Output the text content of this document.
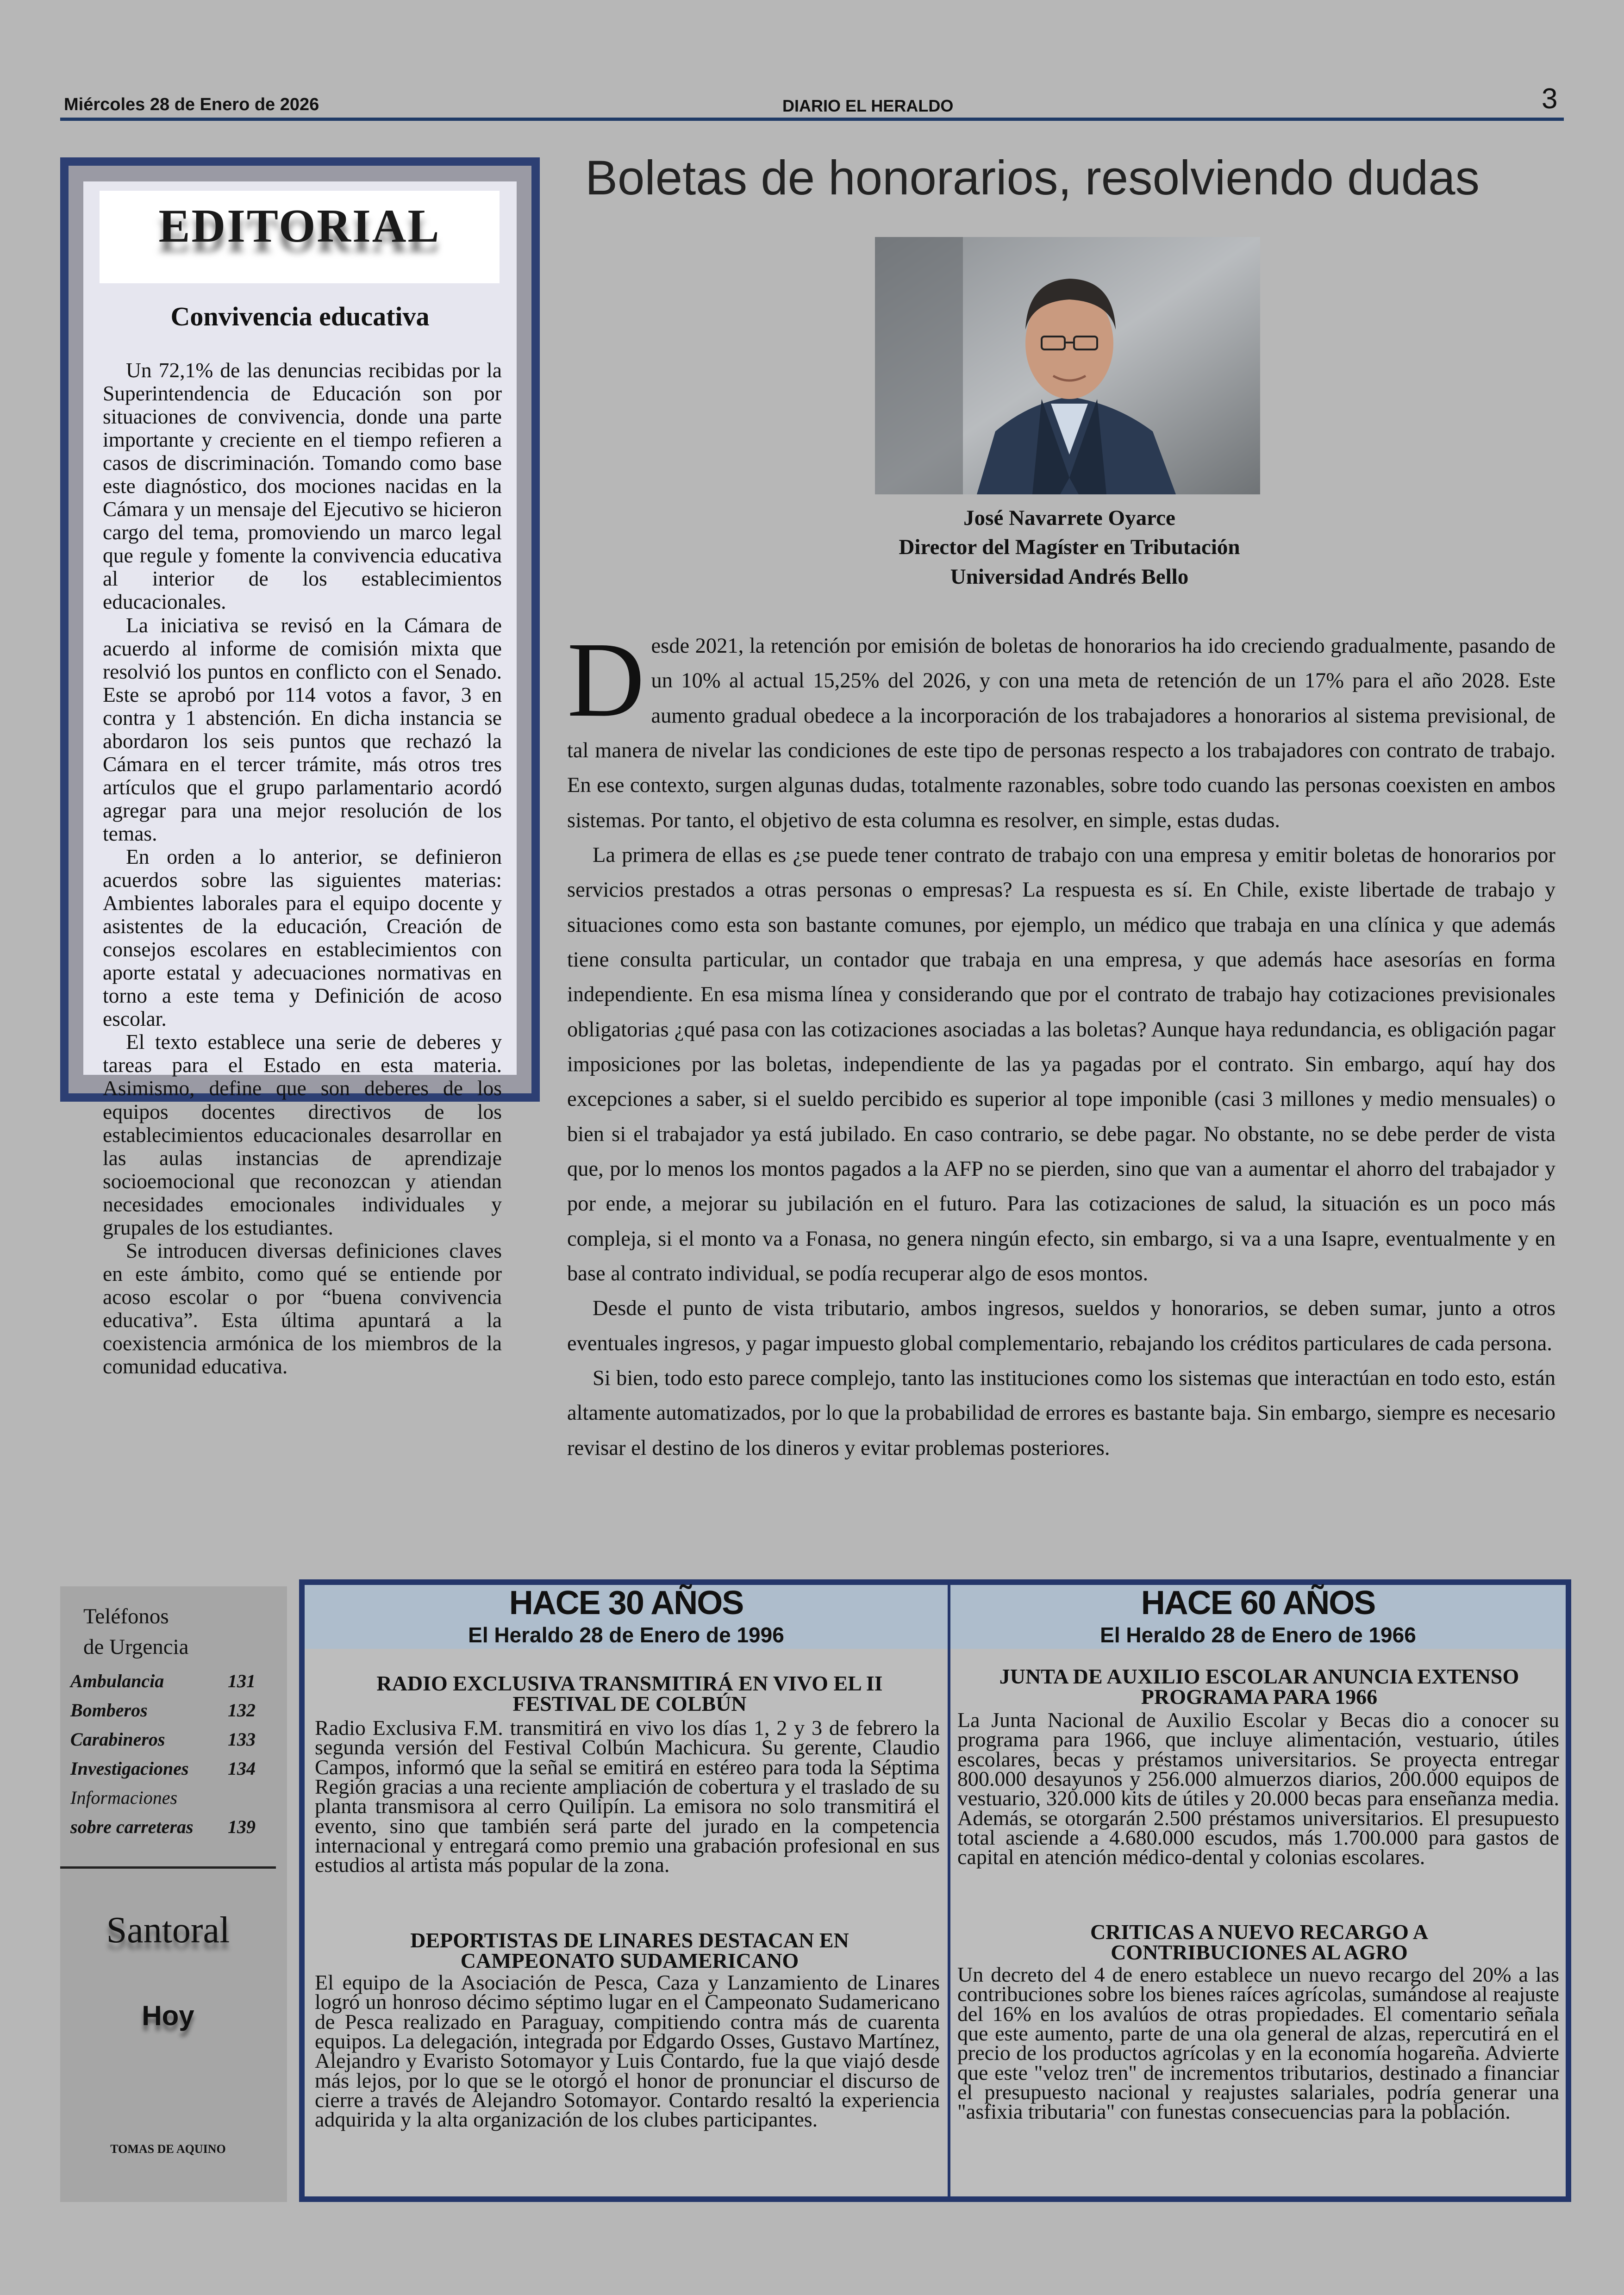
Miércoles 28 de Enero de 2026	DIARIO EL HERALDO	3
EDITORIAL
Convivencia educativa

Un 72,1% de las denuncias recibidas por la Superintendencia de Educación son por situaciones de convivencia, donde una parte importante y creciente en el tiempo refieren a casos de discriminación. Tomando como base este diagnóstico, dos mociones nacidas en la Cámara y un mensaje del Ejecutivo se hicieron cargo del tema, promoviendo un marco legal que regule y fomente la convivencia educativa al interior de los establecimientos educacionales.

La iniciativa se revisó en la Cámara de acuerdo al informe de comisión mixta que resolvió los puntos en conflicto con el Senado. Este se aprobó por 114 votos a favor, 3 en contra y 1 abstención. En dicha instancia se abordaron los seis puntos que rechazó la Cámara en el tercer trámite, más otros tres artículos que el grupo parlamentario acordó agregar para una mejor resolución de los temas.

En orden a lo anterior, se definieron acuerdos sobre las siguientes materias: Ambientes laborales para el equipo docente y asistentes de la educación, Creación de consejos escolares en establecimientos con aporte estatal y adecuaciones normativas en torno a este tema y Definición de acoso escolar.

El texto establece una serie de deberes y tareas para el Estado en esta materia. Asimismo, define que son deberes de los equipos docentes directivos de los establecimientos educacionales desarrollar en las aulas instancias de aprendizaje socioemocional que reconozcan y atiendan necesidades emocionales individuales y grupales de los estudiantes.

Se introducen diversas definiciones claves en este ámbito, como qué se entiende por acoso escolar o por “buena convivencia educativa”. Esta última apuntará a la coexistencia armónica de los miembros de la comunidad educativa.

Boletas de honorarios, resolviendo dudas
José Navarrete Oyarce
Director del Magíster en Tributación
Universidad Andrés Bello

Desde 2021, la retención por emisión de boletas de honorarios ha ido creciendo gradualmente, pasando de un 10% al actual 15,25% del 2026, y con una meta de retención de un 17% para el año 2028. Este aumento gradual obedece a la incorporación de los trabajadores a honorarios al sistema previsional, de tal manera de nivelar las condiciones de este tipo de personas respecto a los trabajadores con contrato de trabajo. En ese contexto, surgen algunas dudas, totalmente razonables, sobre todo cuando las personas coexisten en ambos sistemas. Por tanto, el objetivo de esta columna es resolver, en simple, estas dudas.

La primera de ellas es ¿se puede tener contrato de trabajo con una empresa y emitir boletas de honorarios por servicios prestados a otras personas o empresas? La respuesta es sí. En Chile, existe libertade de trabajo y situaciones como esta son bastante comunes, por ejemplo, un médico que trabaja en una clínica y que además tiene consulta particular, un contador que trabaja en una empresa, y que además hace asesorías en forma independiente. En esa misma línea y considerando que por el contrato de trabajo hay cotizaciones previsionales obligatorias ¿qué pasa con las cotizaciones asociadas a las boletas? Aunque haya redundancia, es obligación pagar imposiciones por las boletas, independiente de las ya pagadas por el contrato. Sin embargo, aquí hay dos excepciones a saber, si el sueldo percibido es superior al tope imponible (casi 3 millones y medio mensuales) o bien si el trabajador ya está jubilado. En caso contrario, se debe pagar. No obstante, no se debe perder de vista que, por lo menos los montos pagados a la AFP no se pierden, sino que van a aumentar el ahorro del trabajador y por ende, a mejorar su jubilación en el futuro. Para las cotizaciones de salud, la situación es un poco más compleja, si el monto va a Fonasa, no genera ningún efecto, sin embargo, si va a una Isapre, eventualmente y en base al contrato individual, se podía recuperar algo de esos montos.

Desde el punto de vista tributario, ambos ingresos, sueldos y honorarios, se deben sumar, junto a otros eventuales ingresos, y pagar impuesto global complementario, rebajando los créditos particulares de cada persona.

Si bien, todo esto parece complejo, tanto las instituciones como los sistemas que interactúan en todo esto, están altamente automatizados, por lo que la probabilidad de errores es bastante baja. Sin embargo, siempre es necesario revisar el destino de los dineros y evitar problemas posteriores.

Teléfonos
de Urgencia
Ambulancia	131
Bomberos	132
Carabineros	133
Investigaciones 134
Informaciones
sobre carreteras 139
Santoral
Hoy
TOMAS DE AQUINO
HACE 30 AÑOS
El Heraldo 28 de Enero de 1996
RADIO EXCLUSIVA TRANSMITIRÁ EN VIVO EL II FESTIVAL DE COLBÚN
Radio Exclusiva F.M. transmitirá en vivo los días 1, 2 y 3 de febrero la segunda versión del Festival Colbún Machicura. Su gerente, Claudio Campos, informó que la señal se emitirá en estéreo para toda la Séptima Región gracias a una reciente ampliación de cobertura y el traslado de su planta transmisora al cerro Quilipín. La emisora no solo transmitirá el evento, sino que también será parte del jurado en la competencia internacional y entregará como premio una grabación profesional en sus estudios al artista más popular de la zona.
DEPORTISTAS DE LINARES DESTACAN EN CAMPEONATO SUDAMERICANO
El equipo de la Asociación de Pesca, Caza y Lanzamiento de Linares logró un honroso décimo séptimo lugar en el Campeonato Sudamericano de Pesca realizado en Paraguay, compitiendo contra más de cuarenta equipos. La delegación, integrada por Edgardo Osses, Gustavo Martínez, Alejandro y Evaristo Sotomayor y Luis Contardo, fue la que viajó desde más lejos, por lo que se le otorgó el honor de pronunciar el discurso de cierre a través de Alejandro Sotomayor. Contardo resaltó la experiencia adquirida y la alta organización de los clubes participantes.
HACE 60 AÑOS
El Heraldo 28 de Enero de 1966
JUNTA DE AUXILIO ESCOLAR ANUNCIA EXTENSO PROGRAMA PARA 1966
La Junta Nacional de Auxilio Escolar y Becas dio a conocer su programa para 1966, que incluye alimentación, vestuario, útiles escolares, becas y préstamos universitarios. Se proyecta entregar 800.000 desayunos y 256.000 almuerzos diarios, 200.000 equipos de vestuario, 320.000 kits de útiles y 20.000 becas para enseñanza media. Además, se otorgarán 2.500 préstamos universitarios. El presupuesto total asciende a 4.680.000 escudos, más 1.700.000 para gastos de capital en atención médico-dental y colonias escolares.
CRITICAS A NUEVO RECARGO A CONTRIBUCIONES AL AGRO
Un decreto del 4 de enero establece un nuevo recargo del 20% a las contribuciones sobre los bienes raíces agrícolas, sumándose al reajuste del 16% en los avalúos de otras propiedades. El comentario señala que este aumento, parte de una ola general de alzas, repercutirá en el precio de los productos agrícolas y en la economía hogareña. Advierte que este "veloz tren" de incrementos tributarios, destinado a financiar el presupuesto nacional y reajustes salariales, podría generar una "asfixia tributaria" con funestas consecuencias para la población.
